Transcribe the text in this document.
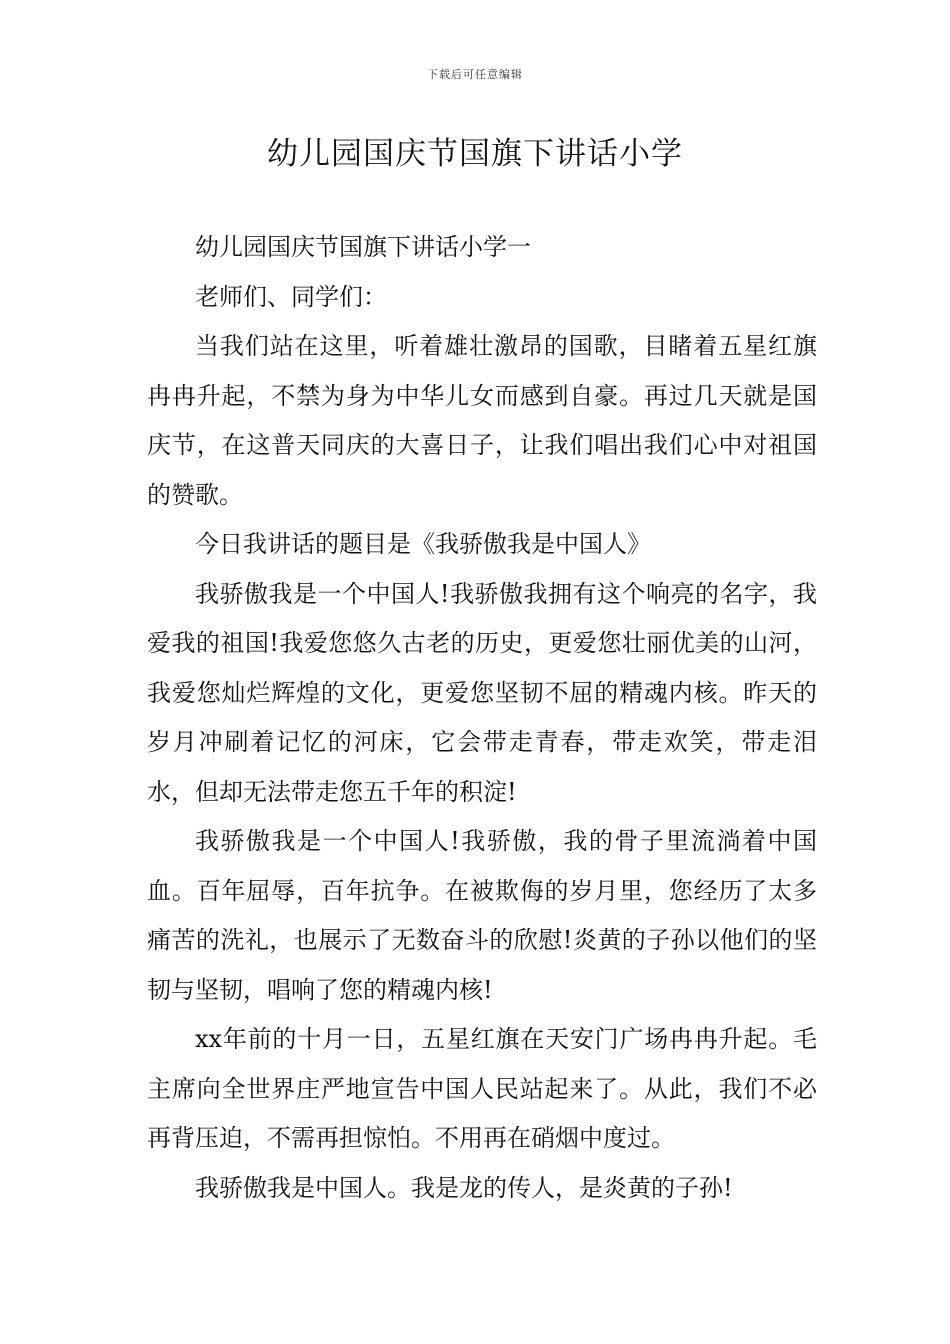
下载后可任意编辑
幼儿园国庆节国旗下讲话小学

幼儿园国庆节国旗下讲话小学一

老师们、同学们：

当我们站在这里，听着雄壮激昂的国歌，目睹着五星红旗冉冉升起，不禁为身为中华儿女而感到自豪。再过几天就是国庆节，在这普天同庆的大喜日子，让我们唱出我们心中对祖国的赞歌。

今日我讲话的题目是《我骄傲我是中国人》

我骄傲我是一个中国人!我骄傲我拥有这个响亮的名字，我爱我的祖国!我爱您悠久古老的历史，更爱您壮丽优美的山河，我爱您灿烂辉煌的文化，更爱您坚韧不屈的精魂内核。昨天的岁月冲刷着记忆的河床，它会带走青春，带走欢笑，带走泪水，但却无法带走您五千年的积淀!

我骄傲我是一个中国人!我骄傲，我的骨子里流淌着中国血。百年屈辱，百年抗争。在被欺侮的岁月里，您经历了太多痛苦的洗礼，也展示了无数奋斗的欣慰!炎黄的子孙以他们的坚韧与坚韧，唱响了您的精魂内核!

xx年前的十月一日，五星红旗在天安门广场冉冉升起。毛主席向全世界庄严地宣告中国人民站起来了。从此，我们不必再背压迫，不需再担惊怕。不用再在硝烟中度过。

我骄傲我是中国人。我是龙的传人，是炎黄的子孙!
